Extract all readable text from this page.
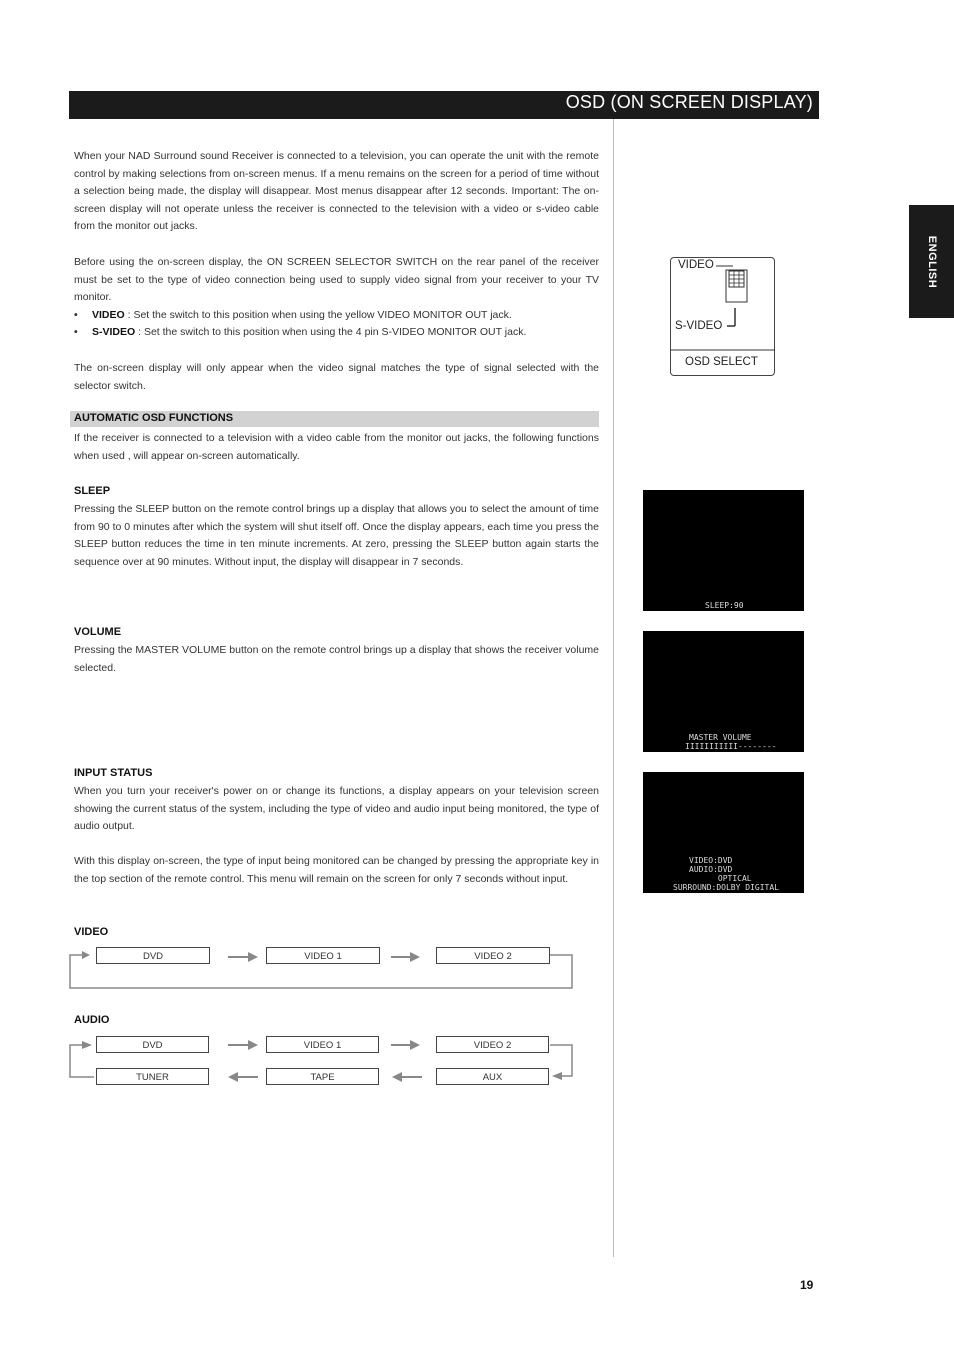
OSD (ON SCREEN DISPLAY)
ENGLISH
When your NAD Surround sound Receiver is connected to a television, you can operate the unit with the remote control by making selections from on-screen menus. If a menu remains on the screen for a period of time without a selection being made, the display will disappear. Most menus disappear after 12 seconds. Important: The on-screen display will not operate unless the receiver is connected to the television with a video or s-video cable from the monitor out jacks.
Before using the on-screen display, the ON SCREEN SELECTOR SWITCH on the rear panel of the receiver must be set to the type of video connection being used to supply video signal from your receiver to your TV monitor.
• VIDEO : Set the switch to this position when using the yellow VIDEO MONITOR OUT jack.
• S-VIDEO : Set the switch to this position when using the 4 pin S-VIDEO MONITOR OUT jack.
The on-screen display will only appear when the video signal matches the type of signal selected with the selector switch.
AUTOMATIC OSD FUNCTIONS
If the receiver is connected to a television with a video cable from the monitor out jacks, the following functions when used , will appear on-screen automatically.
SLEEP
Pressing the SLEEP button on the remote control brings up a display that allows you to select the amount of time from 90 to 0 minutes after which the system will shut itself off. Once the display appears, each time you press the SLEEP button reduces the time in ten minute increments. At zero, pressing the SLEEP button again starts the sequence over at 90 minutes. Without input, the display will disappear in 7 seconds.
VOLUME
Pressing the MASTER VOLUME button on the remote control brings up a display that shows the receiver volume selected.
INPUT STATUS
When you turn your receiver's power on or change its functions, a display appears on your television screen showing the current status of the system, including the type of video and audio input being monitored, the type of audio output.
With this display on-screen, the type of input being monitored can be changed by pressing the appropriate key in the top section of the remote control. This menu will remain on the screen for only 7 seconds without input.
VIDEO
DVD	VIDEO 1	VIDEO 2
AUDIO
DVD	VIDEO 1	VIDEO 2
TUNER	TAPE	AUX
VIDEO
S-VIDEO
OSD SELECT
SLEEP:90
MASTER VOLUME
IIIIIIIIIII--------
VIDEO:DVD
AUDIO:DVD
OPTICAL
SURROUND:DOLBY DIGITAL
19
